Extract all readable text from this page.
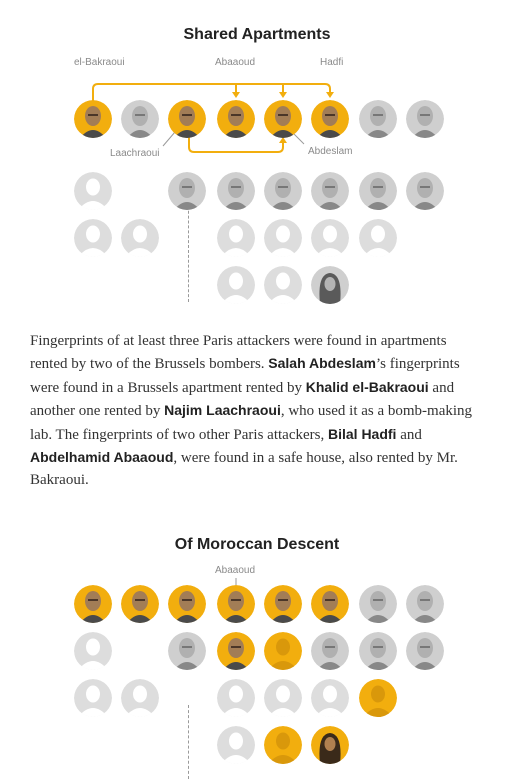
Shared Apartments
el-Bakraoui	Abaaoud	Hadfi
Laachraoui	Abdeslam

Fingerprints of at least three Paris attackers were found in apartments rented by two of the Brussels bombers. Salah Abdeslam’s fingerprints were found in a Brussels apartment rented by Khalid el-Bakraoui and another one rented by Najim Laachraoui, who used it as a bomb-making lab. The fingerprints of two other Paris attackers, Bilal Hadfi and Abdelhamid Abaaoud, were found in a safe house, also rented by Mr. Bakraoui.

Of Moroccan Descent
Abaaoud
